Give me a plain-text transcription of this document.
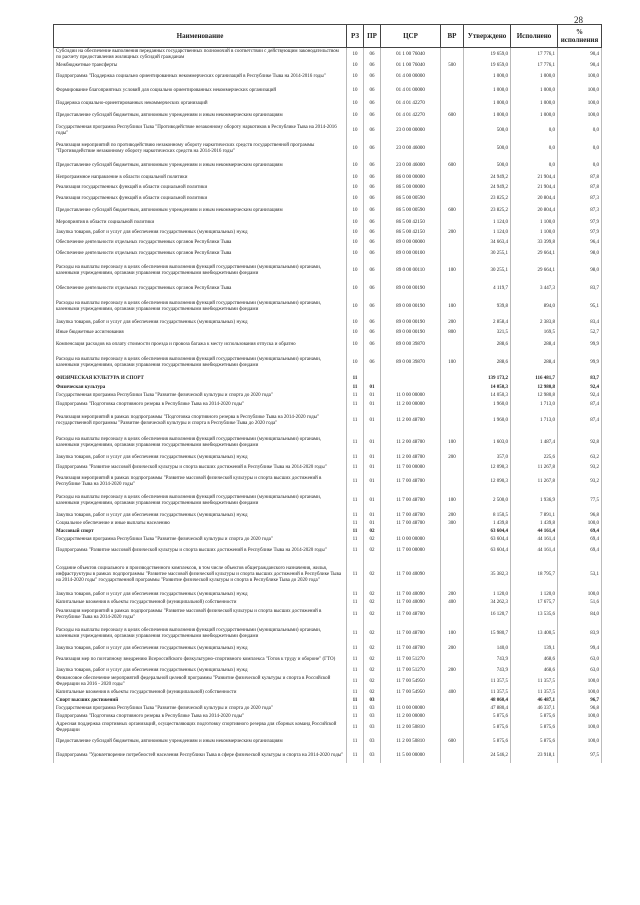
28
Наименование	РЗ	ПР	ЦСР	ВР	Утверждено	Исполнено	% исполнения
Субсидии на обеспечение выполнения переданных государственных полномочий в соответствии с действующим законодательством по расчету предоставления жилищных субсидий гражданам	10	06	01 1 00 76040		19 659,0	17 776,1	90,4
Межбюджетные трансферты	10	06	01 1 00 76040	500	19 659,0	17 776,1	90,4
Подпрограмма "Поддержка социально ориентированных некоммерческих организаций в Республике Тыва на 2014-2016 годы"	10	06	01 4 00 00000		1 000,0	1 000,0	100,0
Формирование благоприятных условий для социально ориентированных некоммерческих организаций	10	06	01 4 01 00000		1 000,0	1 000,0	100,0
Поддержка социально-ориентированных некоммерческих организаций	10	06	01 4 01 42270		1 000,0	1 000,0	100,0
Предоставление субсидий бюджетным, автономным учреждениям и иным некоммерческим организациям	10	06	01 4 01 42270	600	1 000,0	1 000,0	100,0
Государственная программа Республики Тыва "Противодействие незаконному обороту наркотиков в Республике Тыва на 2014-2016 годы"	10	06	23 0 00 00000		500,0	0,0	0,0
Реализация мероприятий по противодействию незаконному обороту наркотических средств государственной программы "Противодействие незаконному обороту наркотических средств на 2014-2016 годы"	10	06	23 0 00 46000		500,0	0,0	0,0
Предоставление субсидий бюджетным, автономным учреждениям и иным некоммерческим организациям	10	06	23 0 00 46000	600	500,0	0,0	0,0
Непрограммное направление в области социальной политики	10	06	86 0 00 00000		24 949,2	21 904,4	87,8
Реализация государственных функций в области социальной политики	10	06	86 5 00 00000		24 949,2	21 904,4	87,8
Реализация государственных функций в области социальной политики	10	06	86 5 00 00590		23 825,2	20 804,4	87,3
Предоставление субсидий бюджетным, автономным учреждениям и иным некоммерческим организациям	10	06	86 5 00 00590	600	23 825,2	20 804,4	87,3
Мероприятия в области социальной политики	10	06	86 5 00 42150		1 124,0	1 100,0	97,9
Закупка товаров, работ и услуг для обеспечения государственных (муниципальных) нужд	10	06	86 5 00 42150	200	1 124,0	1 100,0	97,9
Обеспечение деятельности отдельных государственных органов Республики Тыва	10	06	89 0 00 00000		34 663,4	33 399,8	96,4
Обеспечение деятельности отдельных государственных органов Республики Тыва	10	06	89 0 00 00100		30 255,1	29 664,1	98,0
Расходы на выплаты персоналу в целях обеспечения выполнения функций государственными (муниципальными) органами, казенными учреждениями, органами управления государственными внебюджетными фондами	10	06	89 0 00 00110	100	30 255,1	29 664,1	98,0
Обеспечение деятельности отдельных государственных органов Республики Тыва	10	06	89 0 00 00190		4 119,7	3 447,3	83,7
Расходы на выплаты персоналу в целях обеспечения выполнения функций государственными (муниципальными) органами, казенными учреждениями, органами управления государственными внебюджетными фондами	10	06	89 0 00 00190	100	939,8	894,0	95,1
Закупка товаров, работ и услуг для обеспечения государственных (муниципальных) нужд	10	06	89 0 00 00190	200	2 858,4	2 383,8	83,4
Иные бюджетные ассигнования	10	06	89 0 00 00190	800	321,5	169,5	52,7
Компенсация расходов на оплату стоимости проезда и провоза багажа к месту использования отпуска и обратно	10	06	89 0 00 39870		288,6	288,4	99,9
Расходы на выплаты персоналу в целях обеспечения выполнения функций государственными (муниципальными) органами, казенными учреждениями, органами управления государственными внебюджетными фондами	10	06	89 0 00 39870	100	288,6	288,4	99,9
ФИЗИЧЕСКАЯ КУЛЬТУРА И СПОРТ	11				139 173,2	116 481,7	83,7
Физическая культура	11	01			14 050,3	12 980,8	92,4
Государственная программа Республики Тыва "Развитие физической культуры и спорта до 2020 года"	11	01	11 0 00 00000		14 050,3	12 980,8	92,4
Подпрограмма "Подготовка спортивного резерва в Республике Тыва на 2014-2020 годы"	11	01	11 2 00 00000		1 960,0	1 713,0	87,4
Реализация мероприятий в рамках подпрограммы "Подготовка спортивного резерва в Республике Тыва на 2014-2020 годы" государственной программы "Развитие физической культуры и спорта в Республике Тыва до 2020 года"	11	01	11 2 00 48700		1 960,0	1 713,0	87,4
Расходы на выплаты персоналу в целях обеспечения выполнения функций государственными (муниципальными) органами, казенными учреждениями, органами управления государственными внебюджетными фондами	11	01	11 2 00 48700	100	1 603,0	1 487,4	92,8
Закупка товаров, работ и услуг для обеспечения государственных (муниципальных) нужд	11	01	11 2 00 48700	200	357,0	225,6	63,2
Подпрограмма "Развитие массовой физической культуры и спорта высших достижений в Республике Тыва на 2014-2020 годы"	11	01	11 7 00 00000		12 090,3	11 267,8	93,2
Реализация мероприятий в рамках подпрограммы "Развитие массовой физической культуры и спорта высших достижений в Республике Тыва на 2014-2020 годы"	11	01	11 7 00 48700		12 090,3	11 267,8	93,2
Расходы на выплаты персоналу в целях обеспечения выполнения функций государственными (муниципальными) органами, казенными учреждениями, органами управления государственными внебюджетными фондами	11	01	11 7 00 48700	100	2 500,0	1 936,9	77,5
Закупка товаров, работ и услуг для обеспечения государственных (муниципальных) нужд	11	01	11 7 00 48700	200	8 150,5	7 891,1	96,8
Социальное обеспечение и иные выплаты населению	11	01	11 7 00 48700	300	1 439,8	1 439,8	100,0
Массовый спорт	11	02			63 604,4	44 161,4	69,4
Государственная программа Республики Тыва "Развитие физической культуры и спорта до 2020 года"	11	02	11 0 00 00000		63 604,4	44 161,4	69,4
Подпрограмма "Развитие массовой физической культуры и спорта высших достижений в Республике Тыва на 2014-2020 годы"	11	02	11 7 00 00000		63 604,4	44 161,4	69,4
Создание объектов социального и производственного комплексов, в том числе объектов общегражданского назначения, жилья, инфраструктуры в рамках подпрограммы "Развитие массовой физической культуры и спорта высших достижений в Республике Тыва на 2014-2020 годы" государственной программы "Развитие физической культуры и спорта в Республике Тыва до 2020 года"	11	02	11 7 00 40090		35 382,3	18 795,7	53,1
Закупка товаров, работ и услуг для обеспечения государственных (муниципальных) нужд	11	02	11 7 00 40090	200	1 120,0	1 120,0	100,0
Капитальные вложения в объекты государственной (муниципальной) собственности	11	02	11 7 00 40090	400	34 262,3	17 675,7	51,6
Реализация мероприятий в рамках подпрограммы "Развитие массовой физической культуры и спорта высших достижений в Республике Тыва на 2014-2020 годы"	11	02	11 7 00 48700		16 120,7	13 535,6	84,0
Расходы на выплаты персоналу в целях обеспечения выполнения функций государственными (муниципальными) органами, казенными учреждениями, органами управления государственными внебюджетными фондами	11	02	11 7 00 48700	100	15 980,7	13 400,5	83,9
Закупка товаров, работ и услуг для обеспечения государственных (муниципальных) нужд	11	02	11 7 00 48700	200	140,0	139,1	99,4
Реализация мер по поэтапному внедрению Всероссийского физкультурно-спортивного комплекса "Готов к труду и обороне" (ГТО)	11	02	11 7 00 51270		743,9	468,6	63,0
Закупка товаров, работ и услуг для обеспечения государственных (муниципальных) нужд	11	02	11 7 00 51270	200	743,9	468,6	63,0
Финансовое обеспечение мероприятий федеральной целевой программы "Развитие физической культуры и спорта в Российской Федерации на 2016 - 2020 годы"	11	02	11 7 00 54950		11 357,5	11 357,5	100,0
Капитальные вложения в объекты государственной (муниципальной) собственности	11	02	11 7 00 54950	400	11 357,5	11 357,5	100,0
Спорт высших достижений	11	03			48 060,4	46 487,1	96,7
Государственная программа Республики Тыва "Развитие физической культуры и спорта до 2020 года"	11	03	11 0 00 00000		47 880,4	46 337,1	96,8
Подпрограмма "Подготовка спортивного резерва в Республике Тыва на 2014-2020 годы"	11	03	11 2 00 00000		5 875,6	5 875,6	100,0
Адресная поддержка спортивных организаций, осуществляющих подготовку спортивного резерва для сборных команд Российской Федерации	11	03	11 2 00 50810		5 875,6	5 875,6	100,0
Предоставление субсидий бюджетным, автономным учреждениям и иным некоммерческим организациям	11	03	11 2 00 50810	600	5 875,6	5 875,6	100,0
Подпрограмма "Удовлетворение потребностей населения Республики Тыва в сфере физической культуры и спорта на 2014-2020 годы"	11	03	11 5 00 00000		24 546,2	23 918,1	97,5
